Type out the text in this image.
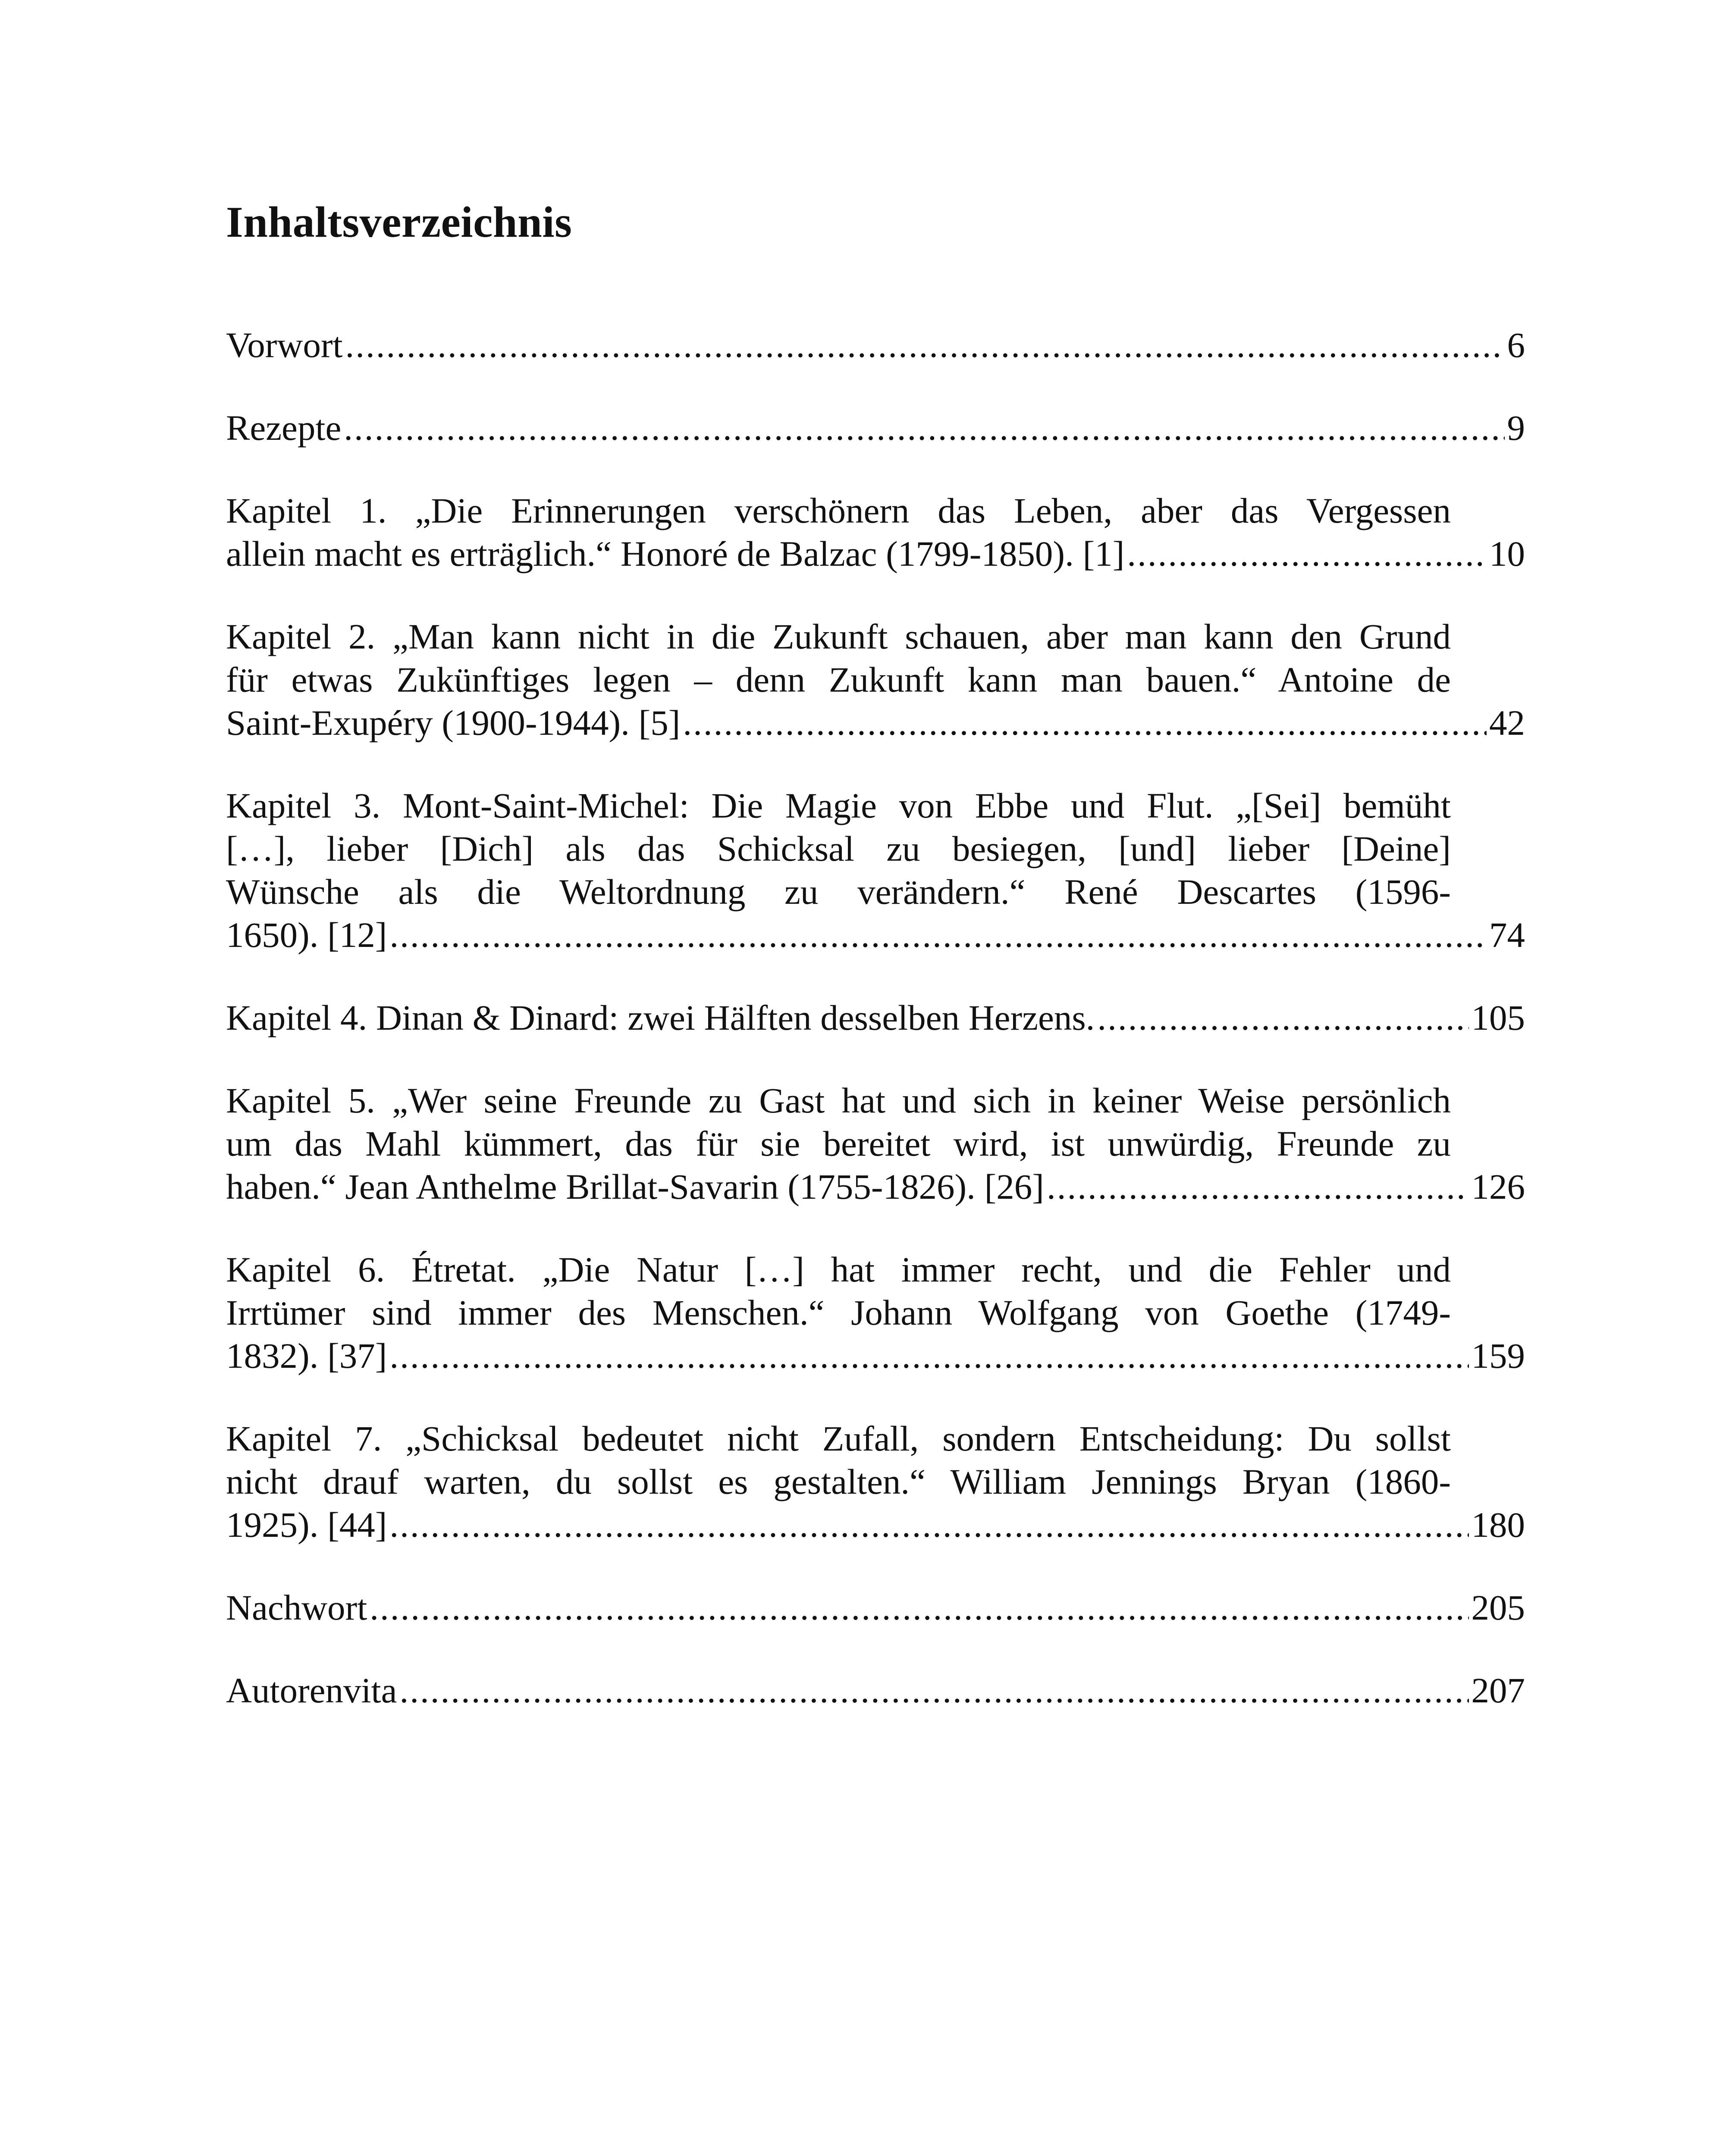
Inhaltsverzeichnis
Vorwort .....	6
Rezepte .....	9
Kapitel 1. „Die Erinnerungen verschönern das Leben, aber das Vergessen
allein macht es erträglich.“ Honoré de Balzac (1799-1850). [1] .....	10
Kapitel 2. „Man kann nicht in die Zukunft schauen, aber man kann den Grund
für etwas Zukünftiges legen – denn Zukunft kann man bauen.“ Antoine de
Saint-Exupéry (1900-1944). [5] .....	42
Kapitel 3. Mont-Saint-Michel: Die Magie von Ebbe und Flut. „[Sei] bemüht
[…], lieber [Dich] als das Schicksal zu besiegen, [und] lieber [Deine]
Wünsche als die Weltordnung zu verändern.“ René Descartes (1596-
1650). [12] .....	74
Kapitel 4. Dinan & Dinard: zwei Hälften desselben Herzens. .....	105
Kapitel 5. „Wer seine Freunde zu Gast hat und sich in keiner Weise persönlich
um das Mahl kümmert, das für sie bereitet wird, ist unwürdig, Freunde zu
haben.“ Jean Anthelme Brillat-Savarin (1755-1826). [26] .....	126
Kapitel 6. Étretat. „Die Natur […] hat immer recht, und die Fehler und
Irrtümer sind immer des Menschen.“ Johann Wolfgang von Goethe (1749-
1832). [37] .....	159
Kapitel 7. „Schicksal bedeutet nicht Zufall, sondern Entscheidung: Du sollst
nicht drauf warten, du sollst es gestalten.“ William Jennings Bryan (1860-
1925). [44] .....	180
Nachwort .....	205
Autorenvita .....	207
